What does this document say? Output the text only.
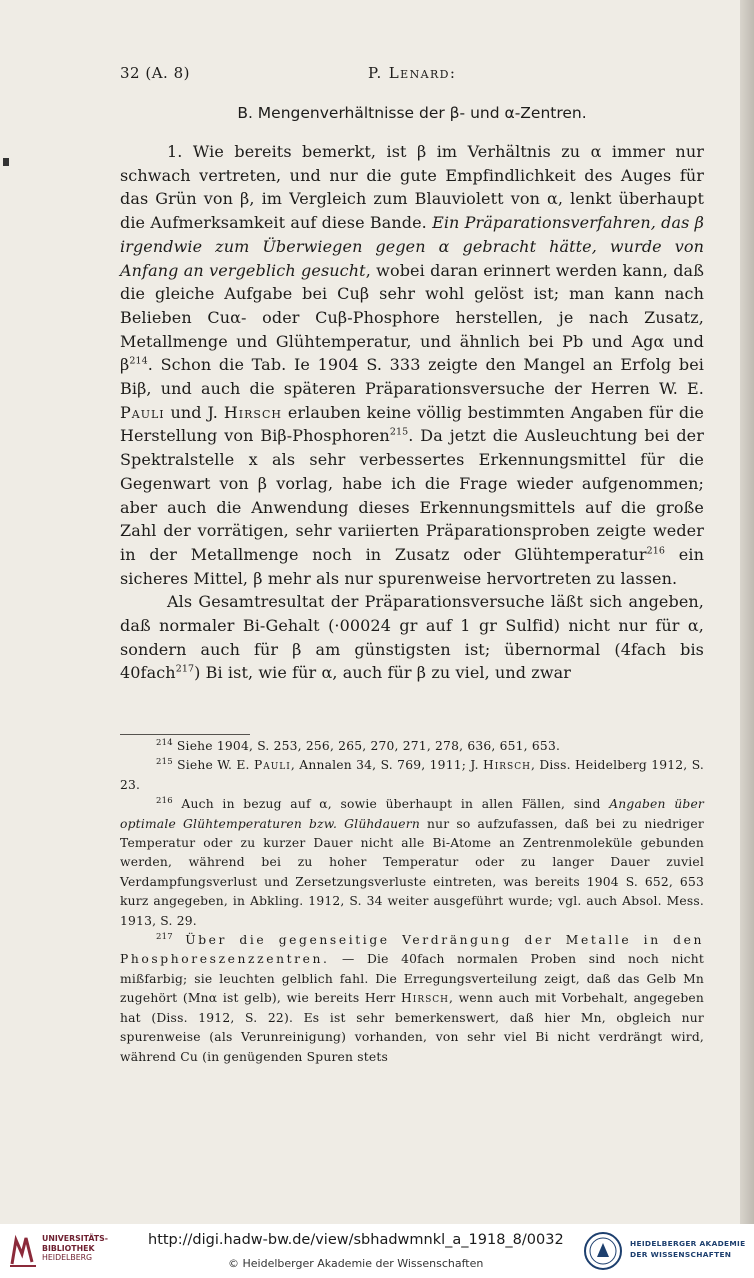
32 (A. 8)	P. Lenard:
B. Mengenverhältnisse der β- und α-Zentren.

1. Wie bereits bemerkt, ist β im Verhältnis zu α immer nur schwach vertreten, und nur die gute Empfindlichkeit des Auges für das Grün von β, im Vergleich zum Blauviolett von α, lenkt überhaupt die Aufmerksamkeit auf diese Bande. Ein Präparationsverfahren, das β irgendwie zum Überwiegen gegen α gebracht hätte, wurde von Anfang an vergeblich gesucht, wobei daran erinnert werden kann, daß die gleiche Aufgabe bei Cuβ sehr wohl gelöst ist; man kann nach Belieben Cuα- oder Cuβ-Phosphore herstellen, je nach Zusatz, Metallmenge und Glühtemperatur, und ähnlich bei Pb und Agα und $\beta^{214}$. Schon die Tab. Ie 1904 S. 333 zeigte den Mangel an Erfolg bei Biβ, und auch die späteren Präparationsversuche der Herren W. E. Pauli und J. Hirsch erlauben keine völlig bestimmten Angaben für die Herstellung von Biβ-Phosphoren$^{215}$. Da jetzt die Ausleuchtung bei der Spektralstelle x als sehr verbessertes Erkennungsmittel für die Gegenwart von β vorlag, habe ich die Frage wieder aufgenommen; aber auch die Anwendung dieses Erkennungsmittels auf die große Zahl der vorrätigen, sehr variierten Präparationsproben zeigte weder in der Metallmenge noch in Zusatz oder Glühtemperatur$^{216}$ ein sicheres Mittel, β mehr als nur spurenweise hervortreten zu lassen.

Als Gesamtresultat der Präparationsversuche läßt sich angeben, daß normaler Bi-Gehalt (·00024 gr auf 1 gr Sulfid) nicht nur für α, sondern auch für β am günstigsten ist; übernormal (4fach bis 40fach$^{217}$) Bi ist, wie für α, auch für β zu viel, und zwar

$^{214}$ Siehe 1904, S. 253, 256, 265, 270, 271, 278, 636, 651, 653.

$^{215}$ Siehe W. E. Pauli, Annalen 34, S. 769, 1911; J. Hirsch, Diss. Heidelberg 1912, S. 23.

$^{216}$ Auch in bezug auf α, sowie überhaupt in allen Fällen, sind Angaben über optimale Glühtemperaturen bzw. Glühdauern nur so aufzufassen, daß bei zu niedriger Temperatur oder zu kurzer Dauer nicht alle Bi-Atome an Zentrenmoleküle gebunden werden, während bei zu hoher Temperatur oder zu langer Dauer zuviel Verdampfungsverlust und Zersetzungsverluste eintreten, was bereits 1904 S. 652, 653 kurz angegeben, in Abkling. 1912, S. 34 weiter ausgeführt wurde; vgl. auch Absol. Mess. 1913, S. 29.

$^{217}$ Über die gegenseitige Verdrängung der Metalle in den Phosphoreszenzzentren. — Die 40fach normalen Proben sind noch nicht mißfarbig; sie leuchten gelblich fahl. Die Erregungsverteilung zeigt, daß das Gelb Mn zugehört (Mnα ist gelb), wie bereits Herr Hirsch, wenn auch mit Vorbehalt, angegeben hat (Diss. 1912, S. 22). Es ist sehr bemerkenswert, daß hier Mn, obgleich nur spurenweise (als Verunreinigung) vorhanden, von sehr viel Bi nicht verdrängt wird, während Cu (in genügenden Spuren stets

UNIVERSITÄTS-
BIBLIOTHEK
HEIDELBERG
http://digi.hadw-bw.de/view/sbhadwmnkl_a_1918_8/0032
© Heidelberger Akademie der Wissenschaften
HEIDELBERGER AKADEMIE
DER WISSENSCHAFTEN
